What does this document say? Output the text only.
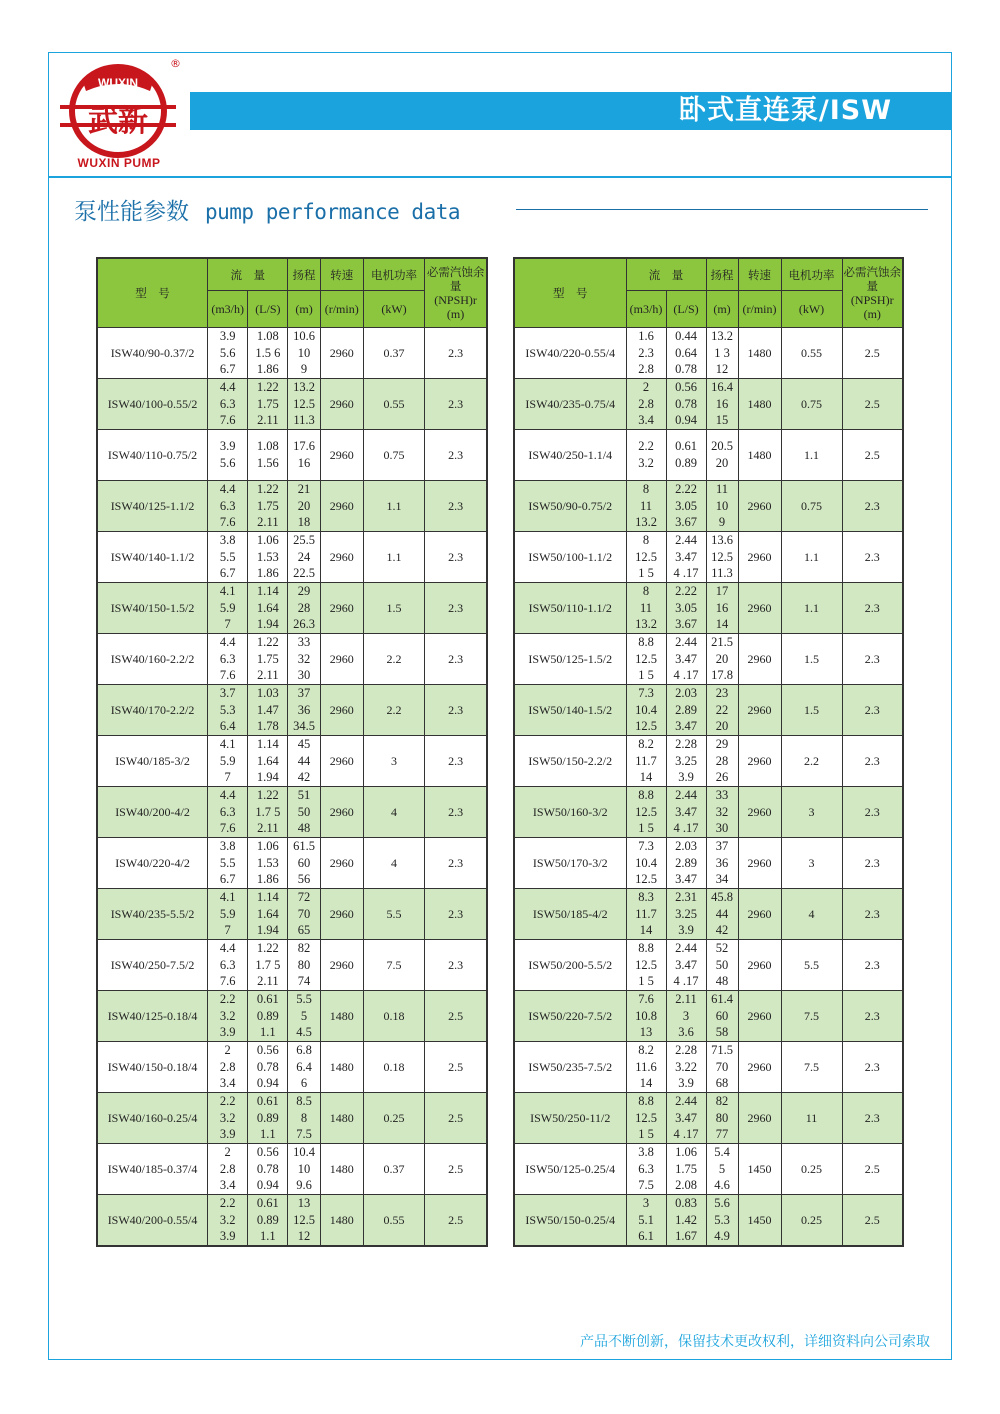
WUXIN
武新
®
WUXIN PUMP
卧式直连泵/ISW
泵性能参数 pump performance data
型　号	流　量		扬程	转速	电机功率	必需汽蚀余量
(NPSH)r (m)

	(m3/h)	(L/S)	(m)	(r/min)	(kW)	
ISW40/90-0.37/2	3.9
5.6
6.7	1.08
1.5 6
1.86	10.6
10
9	2960	0.37	2.3
ISW40/100-0.55/2	4.4
6.3
7.6	1.22
1.75
2.11	13.2
12.5
11.3	2960	0.55	2.3
ISW40/110-0.75/2	3.9
5.6	1.08
1.56	17.6
16	2960	0.75	2.3
ISW40/125-1.1/2	4.4
6.3
7.6	1.22
1.75
2.11	21
20
18	2960	1.1	2.3
ISW40/140-1.1/2	3.8
5.5
6.7	1.06
1.53
1.86	25.5
24
22.5	2960	1.1	2.3
ISW40/150-1.5/2	4.1
5.9
7	1.14
1.64
1.94	29
28
26.3	2960	1.5	2.3
ISW40/160-2.2/2	4.4
6.3
7.6	1.22
1.75
2.11	33
32
30	2960	2.2	2.3
ISW40/170-2.2/2	3.7
5.3
6.4	1.03
1.47
1.78	37
36
34.5	2960	2.2	2.3
ISW40/185-3/2	4.1
5.9
7	1.14
1.64
1.94	45
44
42	2960	3	2.3
ISW40/200-4/2	4.4
6.3
7.6	1.22
1.7 5
2.11	51
50
48	2960	4	2.3
ISW40/220-4/2	3.8
5.5
6.7	1.06
1.53
1.86	61.5
60
56	2960	4	2.3
ISW40/235-5.5/2	4.1
5.9
7	1.14
1.64
1.94	72
70
65	2960	5.5	2.3
ISW40/250-7.5/2	4.4
6.3
7.6	1.22
1.7 5
2.11	82
80
74	2960	7.5	2.3
ISW40/125-0.18/4	2.2
3.2
3.9	0.61
0.89
1.1	5.5
5
4.5	1480	0.18	2.5
ISW40/150-0.18/4	2
2.8
3.4	0.56
0.78
0.94	6.8
6.4
6	1480	0.18	2.5
ISW40/160-0.25/4	2.2
3.2
3.9	0.61
0.89
1.1	8.5
8
7.5	1480	0.25	2.5
ISW40/185-0.37/4	2
2.8
3.4	0.56
0.78
0.94	10.4
10
9.6	1480	0.37	2.5
ISW40/200-0.55/4	2.2
3.2
3.9	0.61
0.89
1.1	13
12.5
12	1480	0.55	2.5
型　号	流　量		扬程	转速	电机功率	必需汽蚀余量
(NPSH)r (m)

	(m3/h)	(L/S)	(m)	(r/min)	(kW)	
ISW40/220-0.55/4	1.6
2.3
2.8	0.44
0.64
0.78	13.2
1 3
12	1480	0.55	2.5
ISW40/235-0.75/4	2
2.8
3.4	0.56
0.78
0.94	16.4
16
15	1480	0.75	2.5
ISW40/250-1.1/4	2.2
3.2	0.61
0.89	20.5
20	1480	1.1	2.5
ISW50/90-0.75/2	8
11
13.2	2.22
3.05
3.67	11
10
9	2960	0.75	2.3
ISW50/100-1.1/2	8
12.5
1 5	2.44
3.47
4 .17	13.6
12.5
11.3	2960	1.1	2.3
ISW50/110-1.1/2	8
11
13.2	2.22
3.05
3.67	17
16
14	2960	1.1	2.3
ISW50/125-1.5/2	8.8
12.5
1 5	2.44
3.47
4 .17	21.5
20
17.8	2960	1.5	2.3
ISW50/140-1.5/2	7.3
10.4
12.5	2.03
2.89
3.47	23
22
20	2960	1.5	2.3
ISW50/150-2.2/2	8.2
11.7
14	2.28
3.25
3.9	29
28
26	2960	2.2	2.3
ISW50/160-3/2	8.8
12.5
1 5	2.44
3.47
4 .17	33
32
30	2960	3	2.3
ISW50/170-3/2	7.3
10.4
12.5	2.03
2.89
3.47	37
36
34	2960	3	2.3
ISW50/185-4/2	8.3
11.7
14	2.31
3.25
3.9	45.8
44
42	2960	4	2.3
ISW50/200-5.5/2	8.8
12.5
1 5	2.44
3.47
4 .17	52
50
48	2960	5.5	2.3
ISW50/220-7.5/2	7.6
10.8
13	2.11
3
3.6	61.4
60
58	2960	7.5	2.3
ISW50/235-7.5/2	8.2
11.6
14	2.28
3.22
3.9	71.5
70
68	2960	7.5	2.3
ISW50/250-11/2	8.8
12.5
1 5	2.44
3.47
4 .17	82
80
77	2960	11	2.3
ISW50/125-0.25/4	3.8
6.3
7.5	1.06
1.75
2.08	5.4
5
4.6	1450	0.25	2.5
ISW50/150-0.25/4	3
5.1
6.1	0.83
1.42
1.67	5.6
5.3
4.9	1450	0.25	2.5
产品不断创新，保留技术更改权利，详细资料向公司索取
